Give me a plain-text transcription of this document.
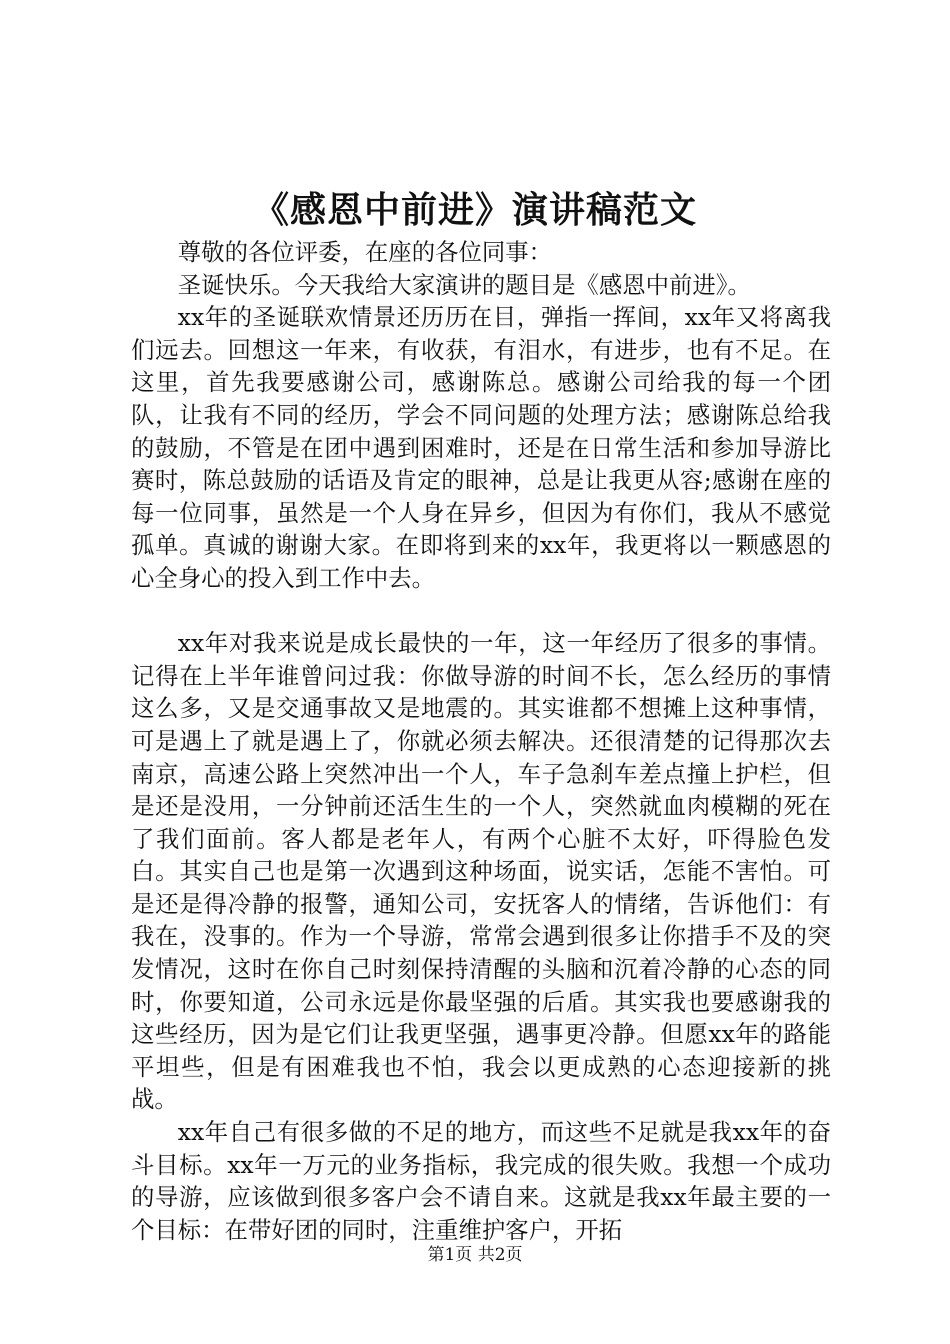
《感恩中前进》演讲稿范文

尊敬的各位评委，在座的各位同事：

圣诞快乐。今天我给大家演讲的题目是《感恩中前进》。

xx年的圣诞联欢情景还历历在目，弹指一挥间，xx年又将离我们远去。回想这一年来，有收获，有泪水，有进步，也有不足。在这里，首先我要感谢公司，感谢陈总。感谢公司给我的每一个团队，让我有不同的经历，学会不同问题的处理方法；感谢陈总给我的鼓励，不管是在团中遇到困难时，还是在日常生活和参加导游比赛时，陈总鼓励的话语及肯定的眼神，总是让我更从容;感谢在座的每一位同事，虽然是一个人身在异乡，但因为有你们，我从不感觉孤单。真诚的谢谢大家。在即将到来的xx年，我更将以一颗感恩的心全身心的投入到工作中去。

xx年对我来说是成长最快的一年，这一年经历了很多的事情。记得在上半年谁曾问过我：你做导游的时间不长，怎么经历的事情这么多，又是交通事故又是地震的。其实谁都不想摊上这种事情，可是遇上了就是遇上了，你就必须去解决。还很清楚的记得那次去南京，高速公路上突然冲出一个人，车子急刹车差点撞上护栏，但是还是没用，一分钟前还活生生的一个人，突然就血肉模糊的死在了我们面前。客人都是老年人，有两个心脏不太好，吓得脸色发白。其实自己也是第一次遇到这种场面，说实话，怎能不害怕。可是还是得冷静的报警，通知公司，安抚客人的情绪，告诉他们：有我在，没事的。作为一个导游，常常会遇到很多让你措手不及的突发情况，这时在你自己时刻保持清醒的头脑和沉着冷静的心态的同时，你要知道，公司永远是你最坚强的后盾。其实我也要感谢我的这些经历，因为是它们让我更坚强，遇事更冷静。但愿xx年的路能平坦些，但是有困难我也不怕，我会以更成熟的心态迎接新的挑战。

xx年自己有很多做的不足的地方，而这些不足就是我xx年的奋斗目标。xx年一万元的业务指标，我完成的很失败。我想一个成功的导游，应该做到很多客户会不请自来。这就是我xx年最主要的一个目标：在带好团的同时，注重维护客户，开拓

第1页 共2页
